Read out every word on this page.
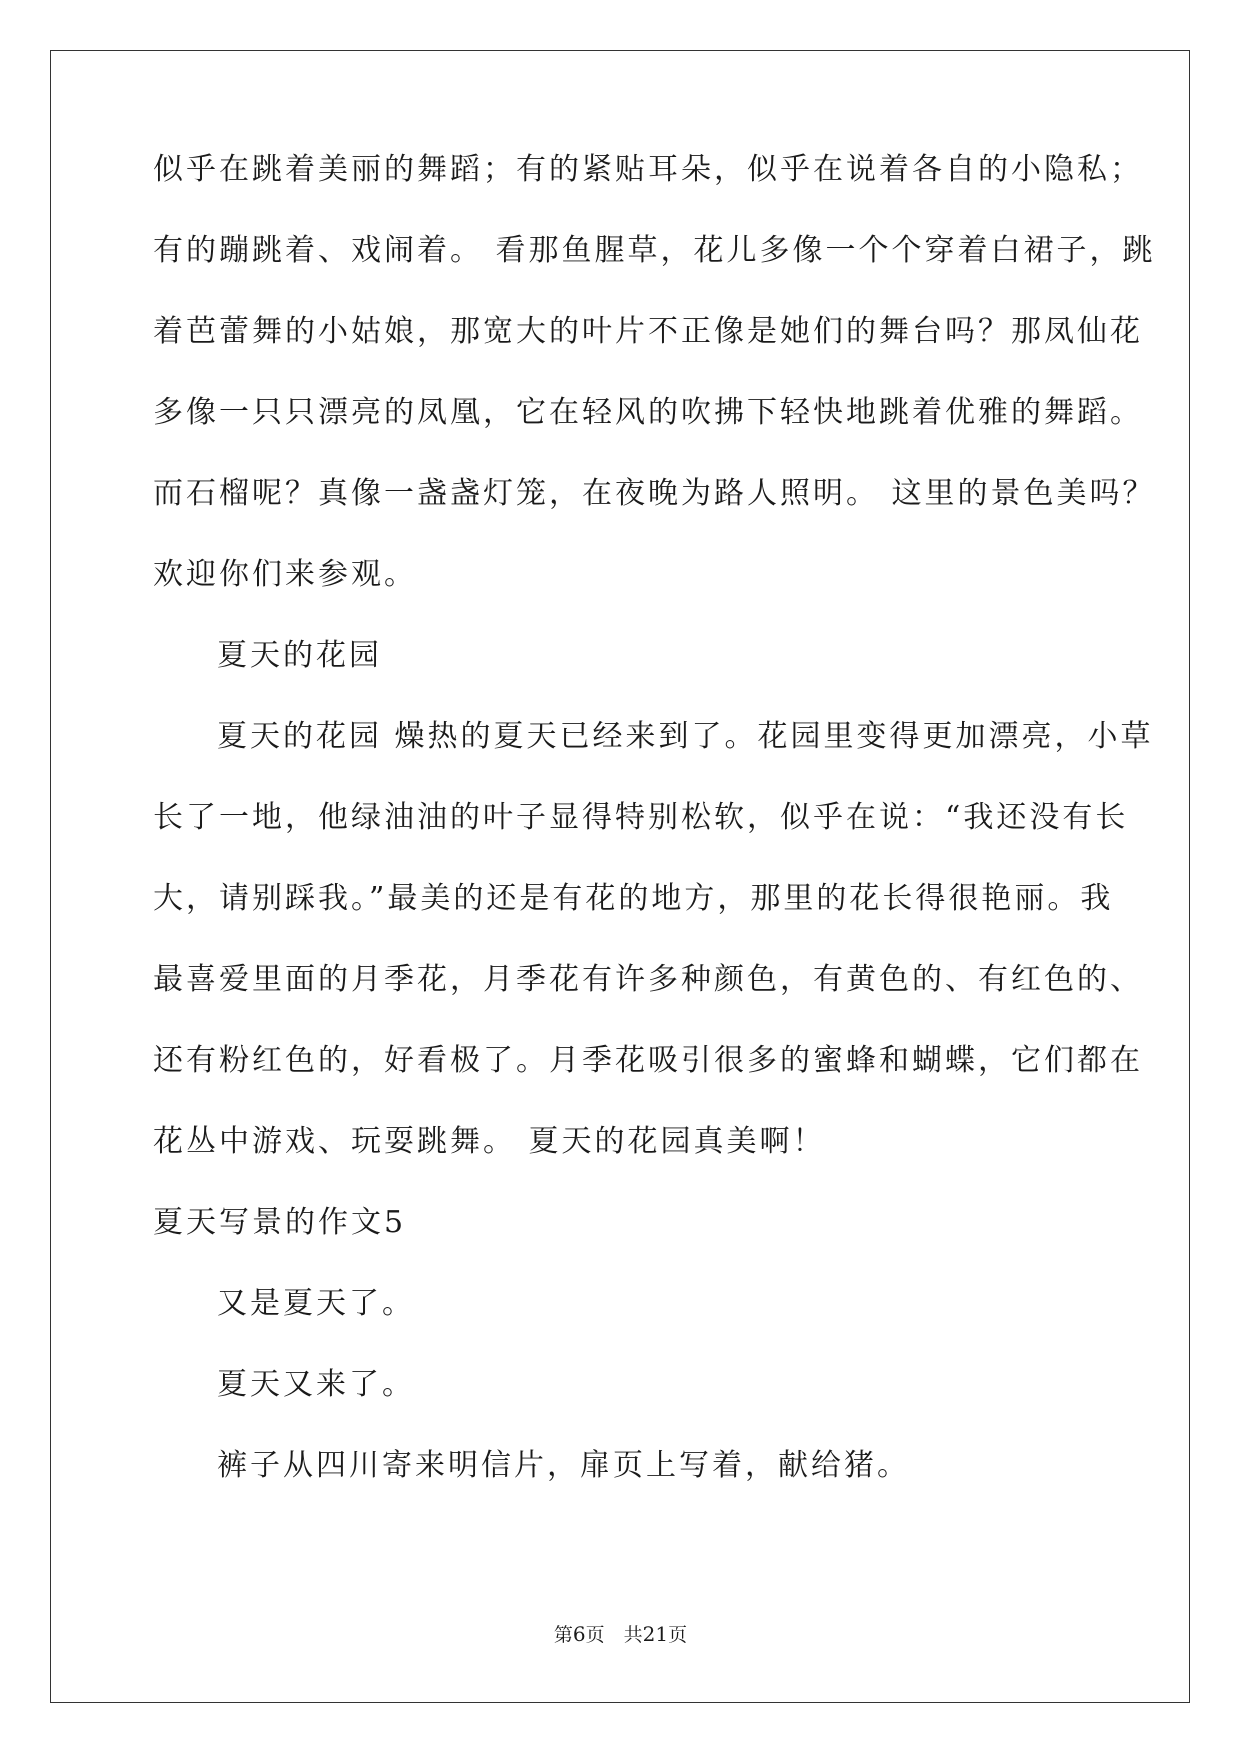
似乎在跳着美丽的舞蹈；有的紧贴耳朵，似乎在说着各自的小隐私；

有的蹦跳着、戏闹着。 看那鱼腥草，花儿多像一个个穿着白裙子，跳

着芭蕾舞的小姑娘，那宽大的叶片不正像是她们的舞台吗？那凤仙花

多像一只只漂亮的凤凰，它在轻风的吹拂下轻快地跳着优雅的舞蹈。

而石榴呢？真像一盏盏灯笼，在夜晚为路人照明。 这里的景色美吗？

欢迎你们来参观。

夏天的花园

夏天的花园 燥热的夏天已经来到了。花园里变得更加漂亮，小草

长了一地，他绿油油的叶子显得特别松软，似乎在说：“我还没有长

大，请别踩我。”最美的还是有花的地方，那里的花长得很艳丽。我

最喜爱里面的月季花，月季花有许多种颜色，有黄色的、有红色的、

还有粉红色的，好看极了。月季花吸引很多的蜜蜂和蝴蝶，它们都在

花丛中游戏、玩耍跳舞。 夏天的花园真美啊！

夏天写景的作文5

又是夏天了。

夏天又来了。

裤子从四川寄来明信片，扉页上写着，献给猪。

第6页　 共21页
